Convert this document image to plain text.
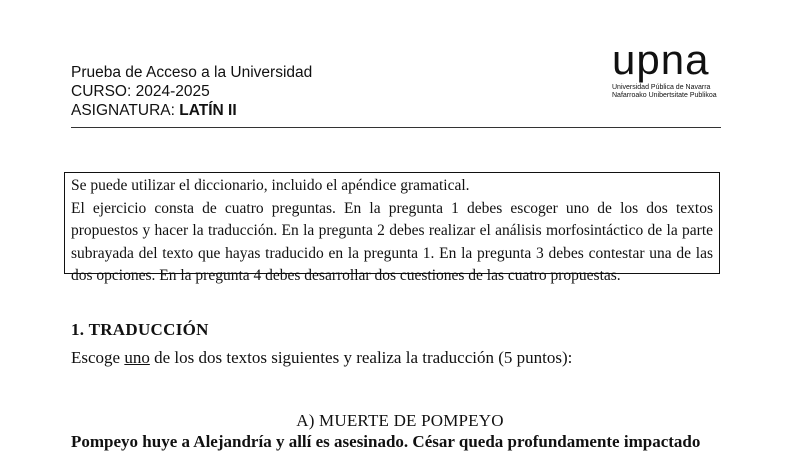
Prueba de Acceso a la Universidad
CURSO: 2024-2025
ASIGNATURA: LATÍN II
upna
Universidad Pública de Navarra
Nafarroako Unibertsitate Publikoa

Se puede utilizar el diccionario, incluido el apéndice gramatical.

El ejercicio consta de cuatro preguntas. En la pregunta 1 debes escoger uno de los dos textos propuestos y hacer la traducción. En la pregunta 2 debes realizar el análisis morfosintáctico de la parte subrayada del texto que hayas traducido en la pregunta 1. En la pregunta 3 debes contestar una de las dos opciones. En la pregunta 4 debes desarrollar dos cuestiones de las cuatro propuestas.

1. TRADUCCIÓN
Escoge uno de los dos textos siguientes y realiza la traducción (5 puntos):
A) MUERTE DE POMPEYO
Pompeyo huye a Alejandría y allí es asesinado. César queda profundamente impactado
